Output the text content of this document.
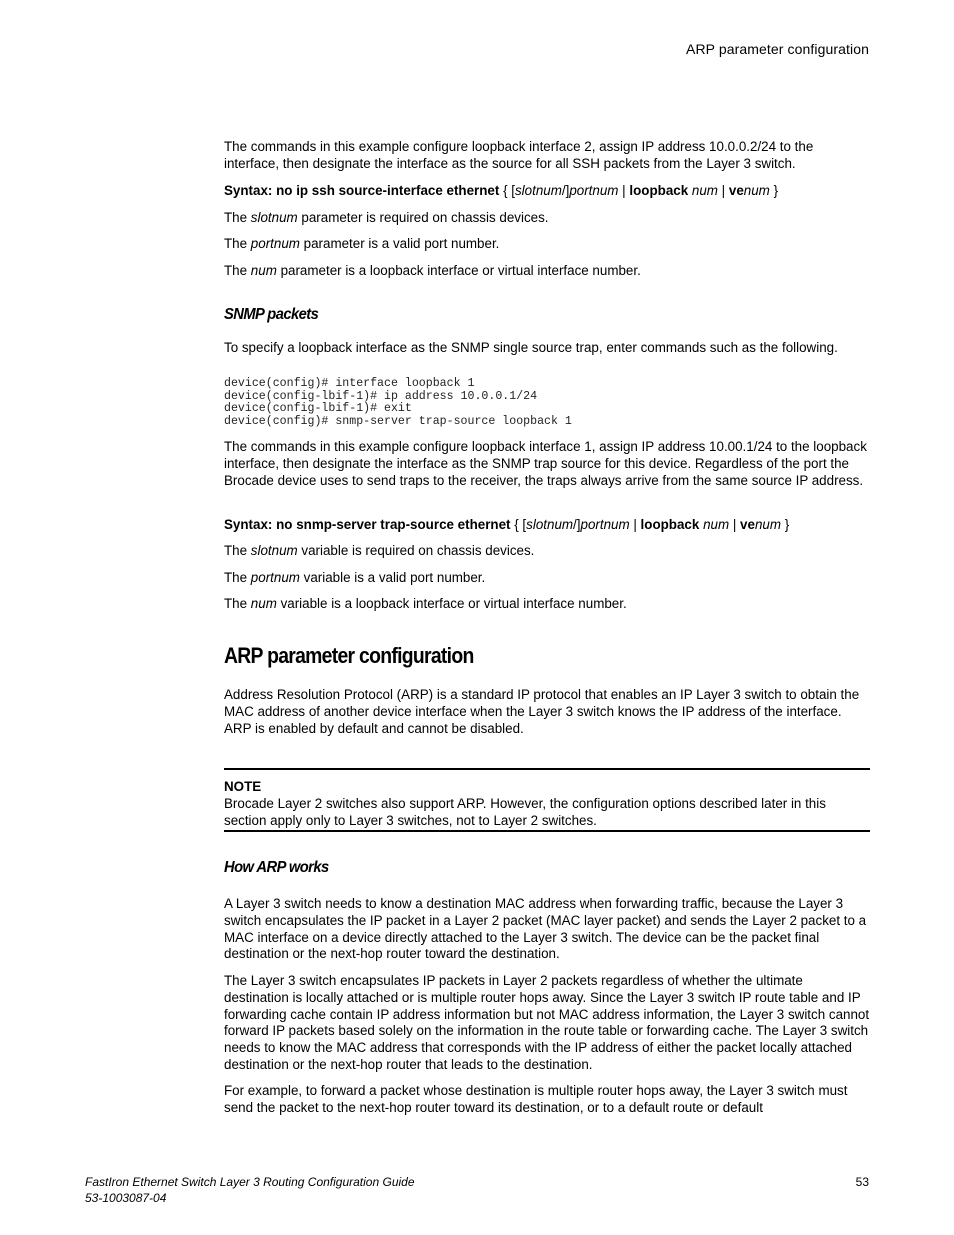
ARP parameter configuration

The commands in this example configure loopback interface 2, assign IP address 10.0.0.2/24 to the interface, then designate the interface as the source for all SSH packets from the Layer 3 switch.

Syntax: no ip ssh source-interface ethernet { [slotnum/]portnum | loopback num | venum }

The slotnum parameter is required on chassis devices.

The portnum parameter is a valid port number.

The num parameter is a loopback interface or virtual interface number.

SNMP packets

To specify a loopback interface as the SNMP single source trap, enter commands such as the following.

device(config)# interface loopback 1
device(config-lbif-1)# ip address 10.0.0.1/24
device(config-lbif-1)# exit
device(config)# snmp-server trap-source loopback 1

The commands in this example configure loopback interface 1, assign IP address 10.00.1/24 to the loopback interface, then designate the interface as the SNMP trap source for this device. Regardless of the port the Brocade device uses to send traps to the receiver, the traps always arrive from the same source IP address.

Syntax: no snmp-server trap-source ethernet { [slotnum/]portnum | loopback num | venum }

The slotnum variable is required on chassis devices.

The portnum variable is a valid port number.

The num variable is a loopback interface or virtual interface number.

ARP parameter configuration

Address Resolution Protocol (ARP) is a standard IP protocol that enables an IP Layer 3 switch to obtain the MAC address of another device interface when the Layer 3 switch knows the IP address of the interface. ARP is enabled by default and cannot be disabled.

NOTE
Brocade Layer 2 switches also support ARP. However, the configuration options described later in this section apply only to Layer 3 switches, not to Layer 2 switches.
How ARP works

A Layer 3 switch needs to know a destination MAC address when forwarding traffic, because the Layer 3 switch encapsulates the IP packet in a Layer 2 packet (MAC layer packet) and sends the Layer 2 packet to a MAC interface on a device directly attached to the Layer 3 switch. The device can be the packet final destination or the next-hop router toward the destination.

The Layer 3 switch encapsulates IP packets in Layer 2 packets regardless of whether the ultimate destination is locally attached or is multiple router hops away. Since the Layer 3 switch IP route table and IP forwarding cache contain IP address information but not MAC address information, the Layer 3 switch cannot forward IP packets based solely on the information in the route table or forwarding cache. The Layer 3 switch needs to know the MAC address that corresponds with the IP address of either the packet locally attached destination or the next-hop router that leads to the destination.

For example, to forward a packet whose destination is multiple router hops away, the Layer 3 switch must send the packet to the next-hop router toward its destination, or to a default route or default

FastIron Ethernet Switch Layer 3 Routing Configuration Guide
53-1003087-04
53
